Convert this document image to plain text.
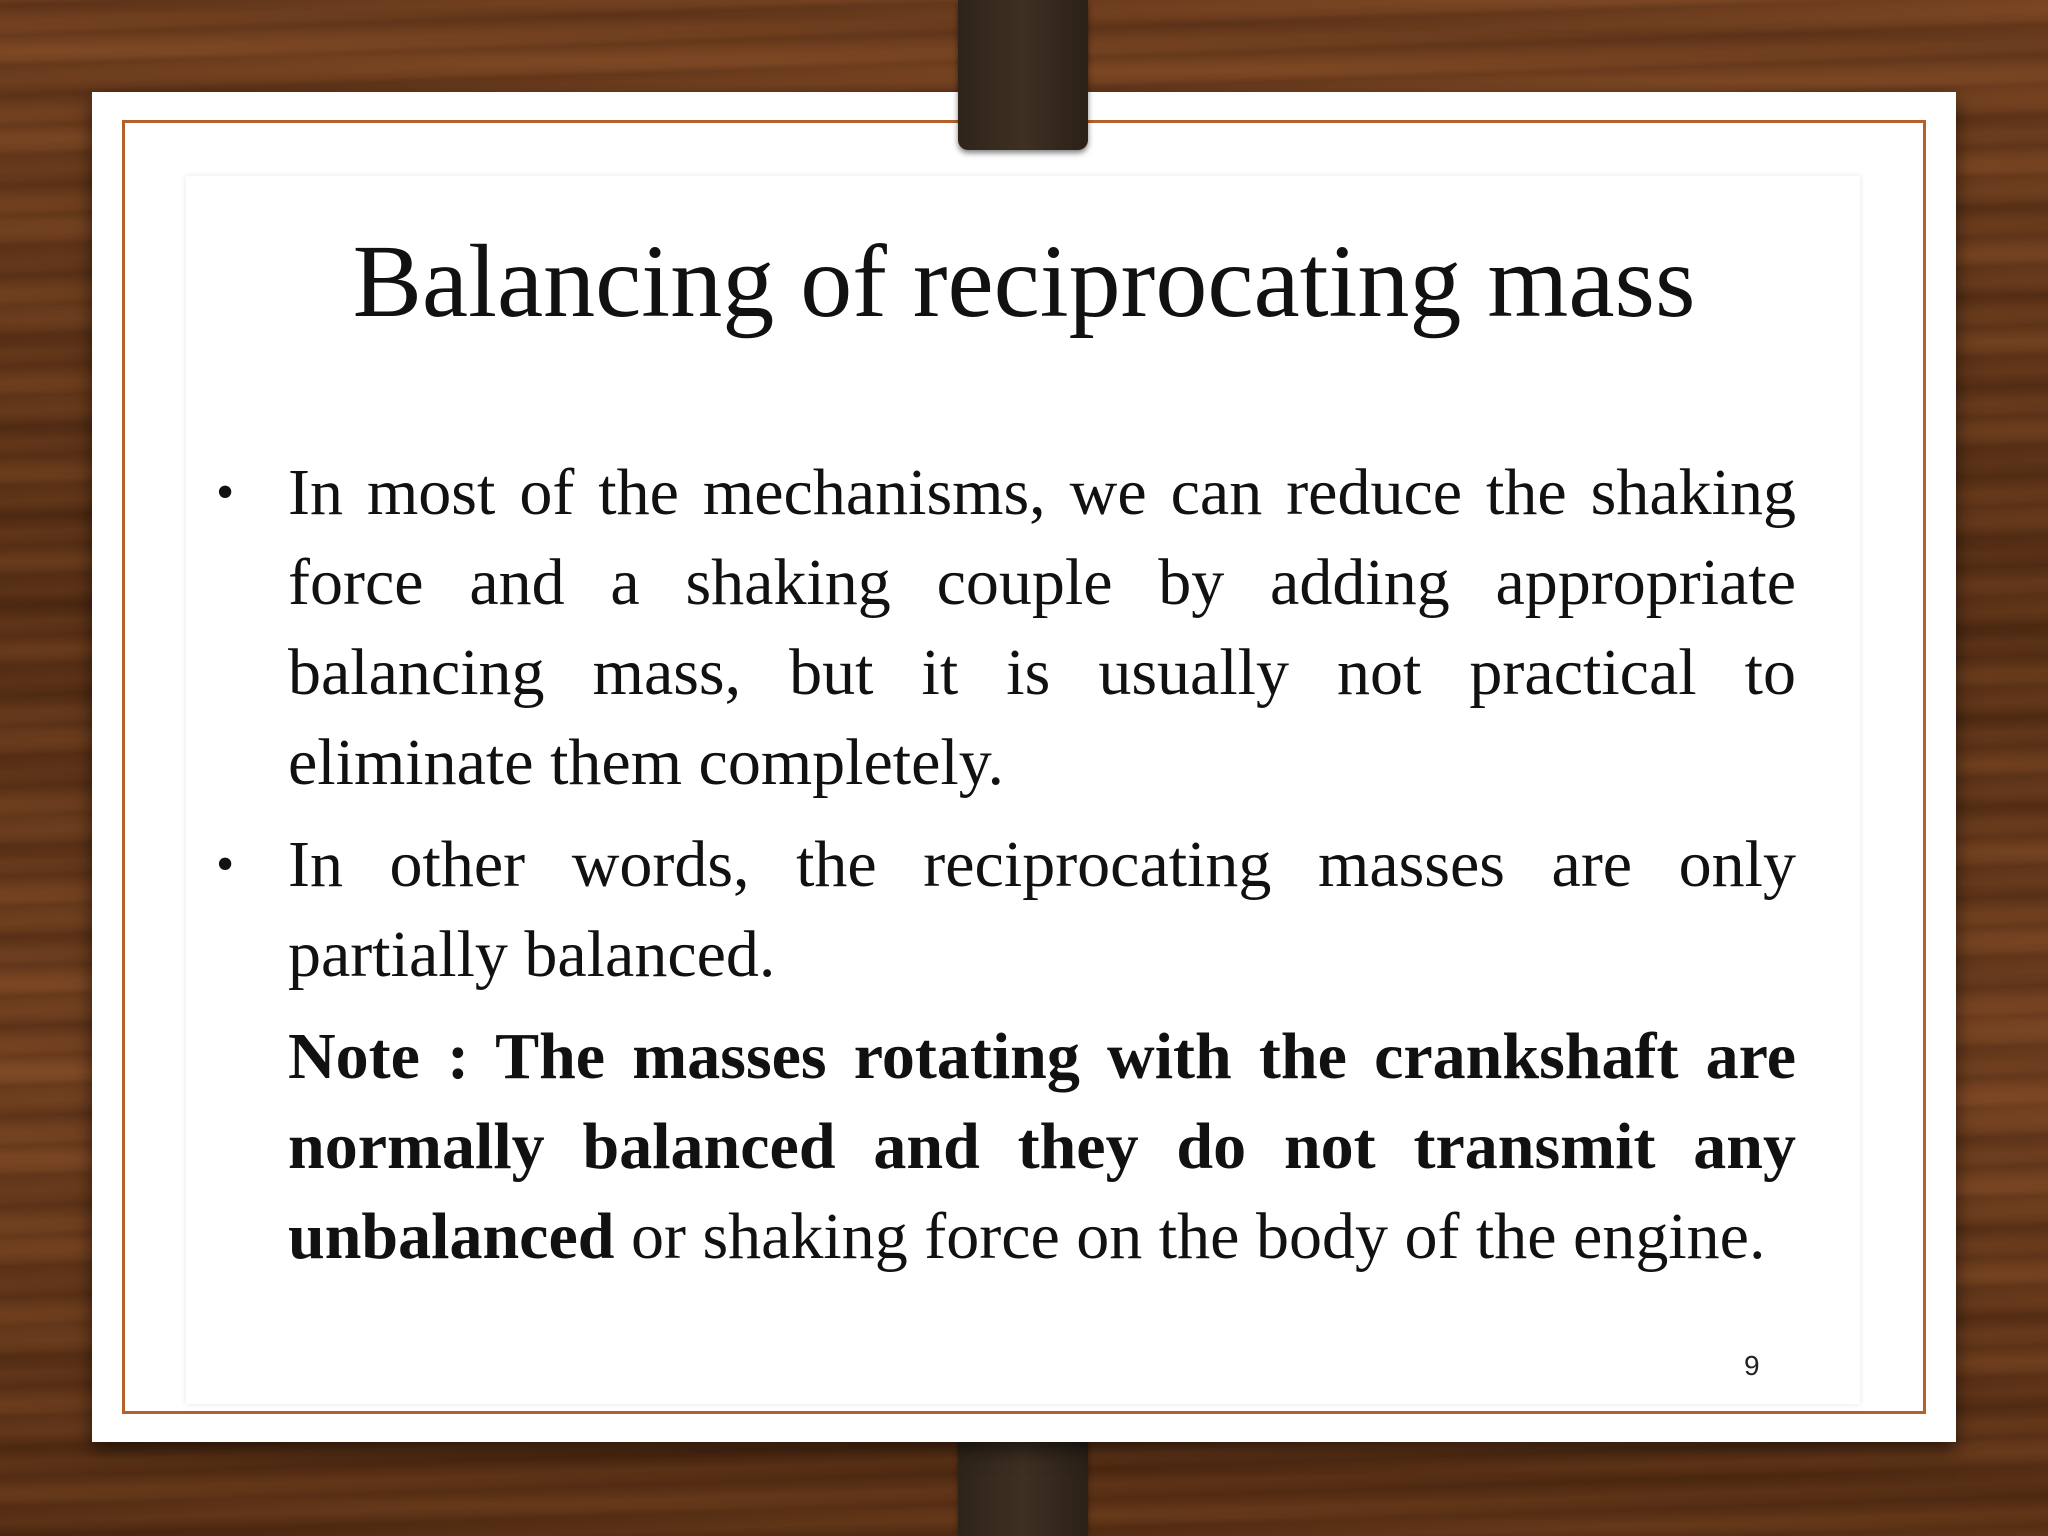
Balancing of reciprocating mass
• In most of the mechanisms, we can reduce the shaking force and a shaking couple by adding appropriate balancing mass, but it is usually not practical to eliminate them completely.
• In other words, the reciprocating masses are only partially balanced.
Note : The masses rotating with the crankshaft are normally balanced and they do not transmit any unbalanced or shaking force on the body of the engine.
9
